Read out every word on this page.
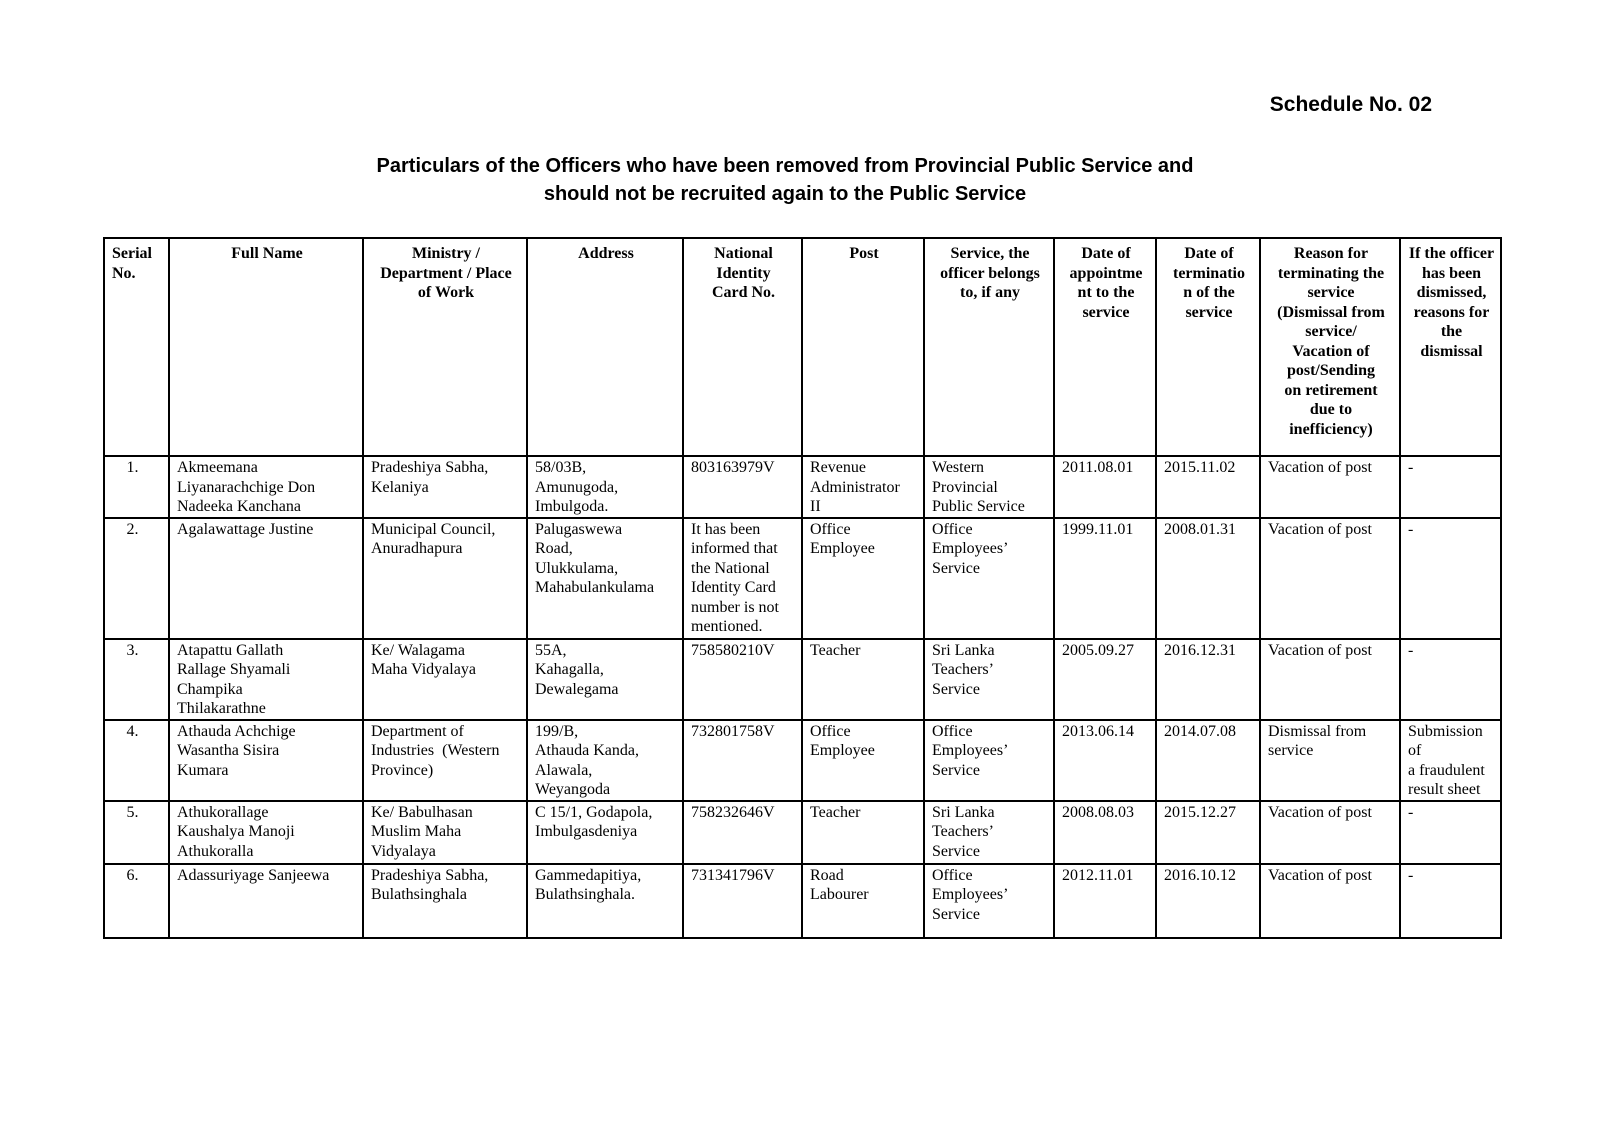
Schedule No. 02
Particulars of the Officers who have been removed from Provincial Public Service and
should not be recruited again to the Public Service
Serial
No.	Full Name	Ministry /
Department / Place
of Work	Address	National
Identity
Card No.	Post	Service, the
officer belongs
to, if any	Date of
appointme
nt to the
service	Date of
terminatio
n of the
service	Reason for
terminating the
service
(Dismissal from
service/
Vacation of
post/Sending
on retirement
due to
inefficiency)	If the officer
has been
dismissed,
reasons for
the dismissal
1.	Akmeemana
Liyanarachchige Don
Nadeeka Kanchana	Pradeshiya Sabha,
Kelaniya	58/03B,
Amunugoda,
Imbulgoda.	803163979V	Revenue
Administrator
II	Western
Provincial
Public Service	2011.08.01	2015.11.02	Vacation of post	-
2.	Agalawattage Justine	Municipal Council,
Anuradhapura	Palugaswewa
Road,
Ulukkulama,
Mahabulankulama	It has been
informed that
the National
Identity Card
number is not
mentioned.	Office
Employee	Office
Employees’
Service	1999.11.01	2008.01.31	Vacation of post	-
3.	Atapattu Gallath
Rallage Shyamali
Champika
Thilakarathne	Ke/ Walagama
Maha Vidyalaya	55A,
Kahagalla,
Dewalegama	758580210V	Teacher	Sri Lanka
Teachers’
Service	2005.09.27	2016.12.31	Vacation of post	-
4.	Athauda Achchige
Wasantha Sisira
Kumara	Department of
Industries  (Western
Province)	199/B,
Athauda Kanda,
Alawala,
Weyangoda	732801758V	Office
Employee	Office
Employees’
Service	2013.06.14	2014.07.08	Dismissal from
service	Submission of
a fraudulent
result sheet
5.	Athukorallage
Kaushalya Manoji
Athukoralla	Ke/ Babulhasan
Muslim Maha
Vidyalaya	C 15/1, Godapola,
Imbulgasdeniya	758232646V	Teacher	Sri Lanka
Teachers’
Service	2008.08.03	2015.12.27	Vacation of post	-
6.	Adassuriyage Sanjeewa	Pradeshiya Sabha,
Bulathsinghala	Gammedapitiya,
Bulathsinghala.	731341796V	Road
Labourer	Office
Employees’
Service	2012.11.01	2016.10.12	Vacation of post	-
